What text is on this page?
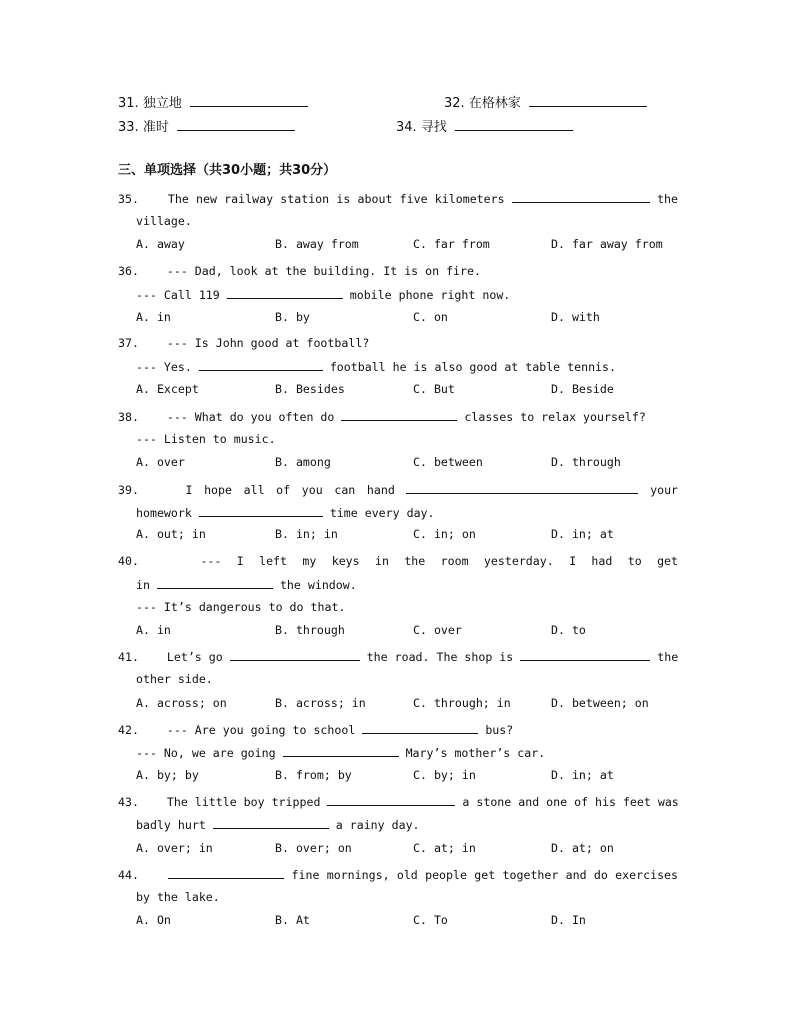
31. 独立地	32. 在格林家
33. 准时	34. 寻找
三、单项选择（共30小题；共30分）
35. The new railway station is about five kilometers	the
village.
A. away	B. away from	C. far from	D. far away from
36. --- Dad, look at the building. It is on fire.
--- Call 119	mobile phone right now.
A. in	B. by	C. on	D. with
37. --- Is John good at football?
--- Yes.	football he is also good at table tennis.
A. Except	B. Besides	C. But	D. Beside
38. --- What do you often do	classes to relax yourself?
--- Listen to music.
A. over	B. among	C. between	D. through
39.	I hope all of you can hand	your
homework	time every day.
A. out; in	B. in; in	C. in; on	D. in; at
40.	--- I left my keys in the room yesterday. I had to get
in	the window.
--- It’s dangerous to do that.
A. in	B. through	C. over	D. to
41. Let’s go	the road. The shop is	the
other side.
A. across; on	B. across; in	C. through; in	D. between; on
42. --- Are you going to school	bus?
--- No, we are going	Mary’s mother’s car.
A. by; by	B. from; by	C. by; in	D. in; at
43. The little boy tripped	a stone and one of his feet was
badly hurt	a rainy day.
A. over; in	B. over; on	C. at; in	D. at; on
44.	fine mornings, old people get together and do exercises
by the lake.
A. On	B. At	C. To	D. In
